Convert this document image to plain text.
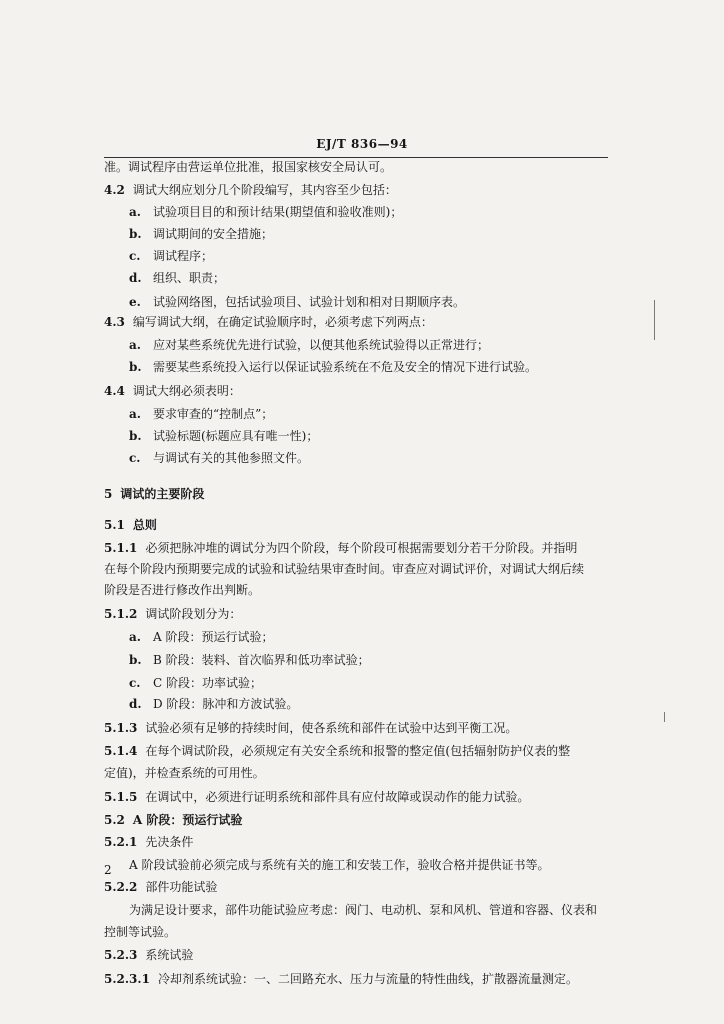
EJ/T 836—94
准。调试程序由营运单位批准，报国家核安全局认可。
4.2 调试大纲应划分几个阶段编写，其内容至少包括：
a. 试验项目目的和预计结果(期望值和验收准则)；
b. 调试期间的安全措施；
c. 调试程序；
d. 组织、职责；
e. 试验网络图，包括试验项目、试验计划和相对日期顺序表。
4.3 编写调试大纲，在确定试验顺序时，必须考虑下列两点：
a. 应对某些系统优先进行试验，以便其他系统试验得以正常进行；
b. 需要某些系统投入运行以保证试验系统在不危及安全的情况下进行试验。
4.4 调试大纲必须表明：
a. 要求审查的“控制点”；
b. 试验标题(标题应具有唯一性)；
c. 与调试有关的其他参照文件。
5 调试的主要阶段
5.1 总则
5.1.1 必须把脉冲堆的调试分为四个阶段，每个阶段可根据需要划分若干分阶段。并指明
在每个阶段内预期要完成的试验和试验结果审查时间。审查应对调试评价，对调试大纲后续
阶段是否进行修改作出判断。
5.1.2 调试阶段划分为：
a. A 阶段：预运行试验；
b. B 阶段：装料、首次临界和低功率试验；
c. C 阶段：功率试验；
d. D 阶段：脉冲和方波试验。
5.1.3 试验必须有足够的持续时间，使各系统和部件在试验中达到平衡工况。
5.1.4 在每个调试阶段，必须规定有关安全系统和报警的整定值(包括辐射防护仪表的整
定值)，并检查系统的可用性。
5.1.5 在调试中，必须进行证明系统和部件具有应付故障或误动作的能力试验。
5.2 A 阶段：预运行试验
5.2.1 先决条件
A 阶段试验前必须完成与系统有关的施工和安装工作，验收合格并提供证书等。
5.2.2 部件功能试验
为满足设计要求，部件功能试验应考虑：阀门、电动机、泵和风机、管道和容器、仪表和
控制等试验。
5.2.3 系统试验
5.2.3.1 冷却剂系统试验：一、二回路充水、压力与流量的特性曲线，扩散器流量测定。
2
